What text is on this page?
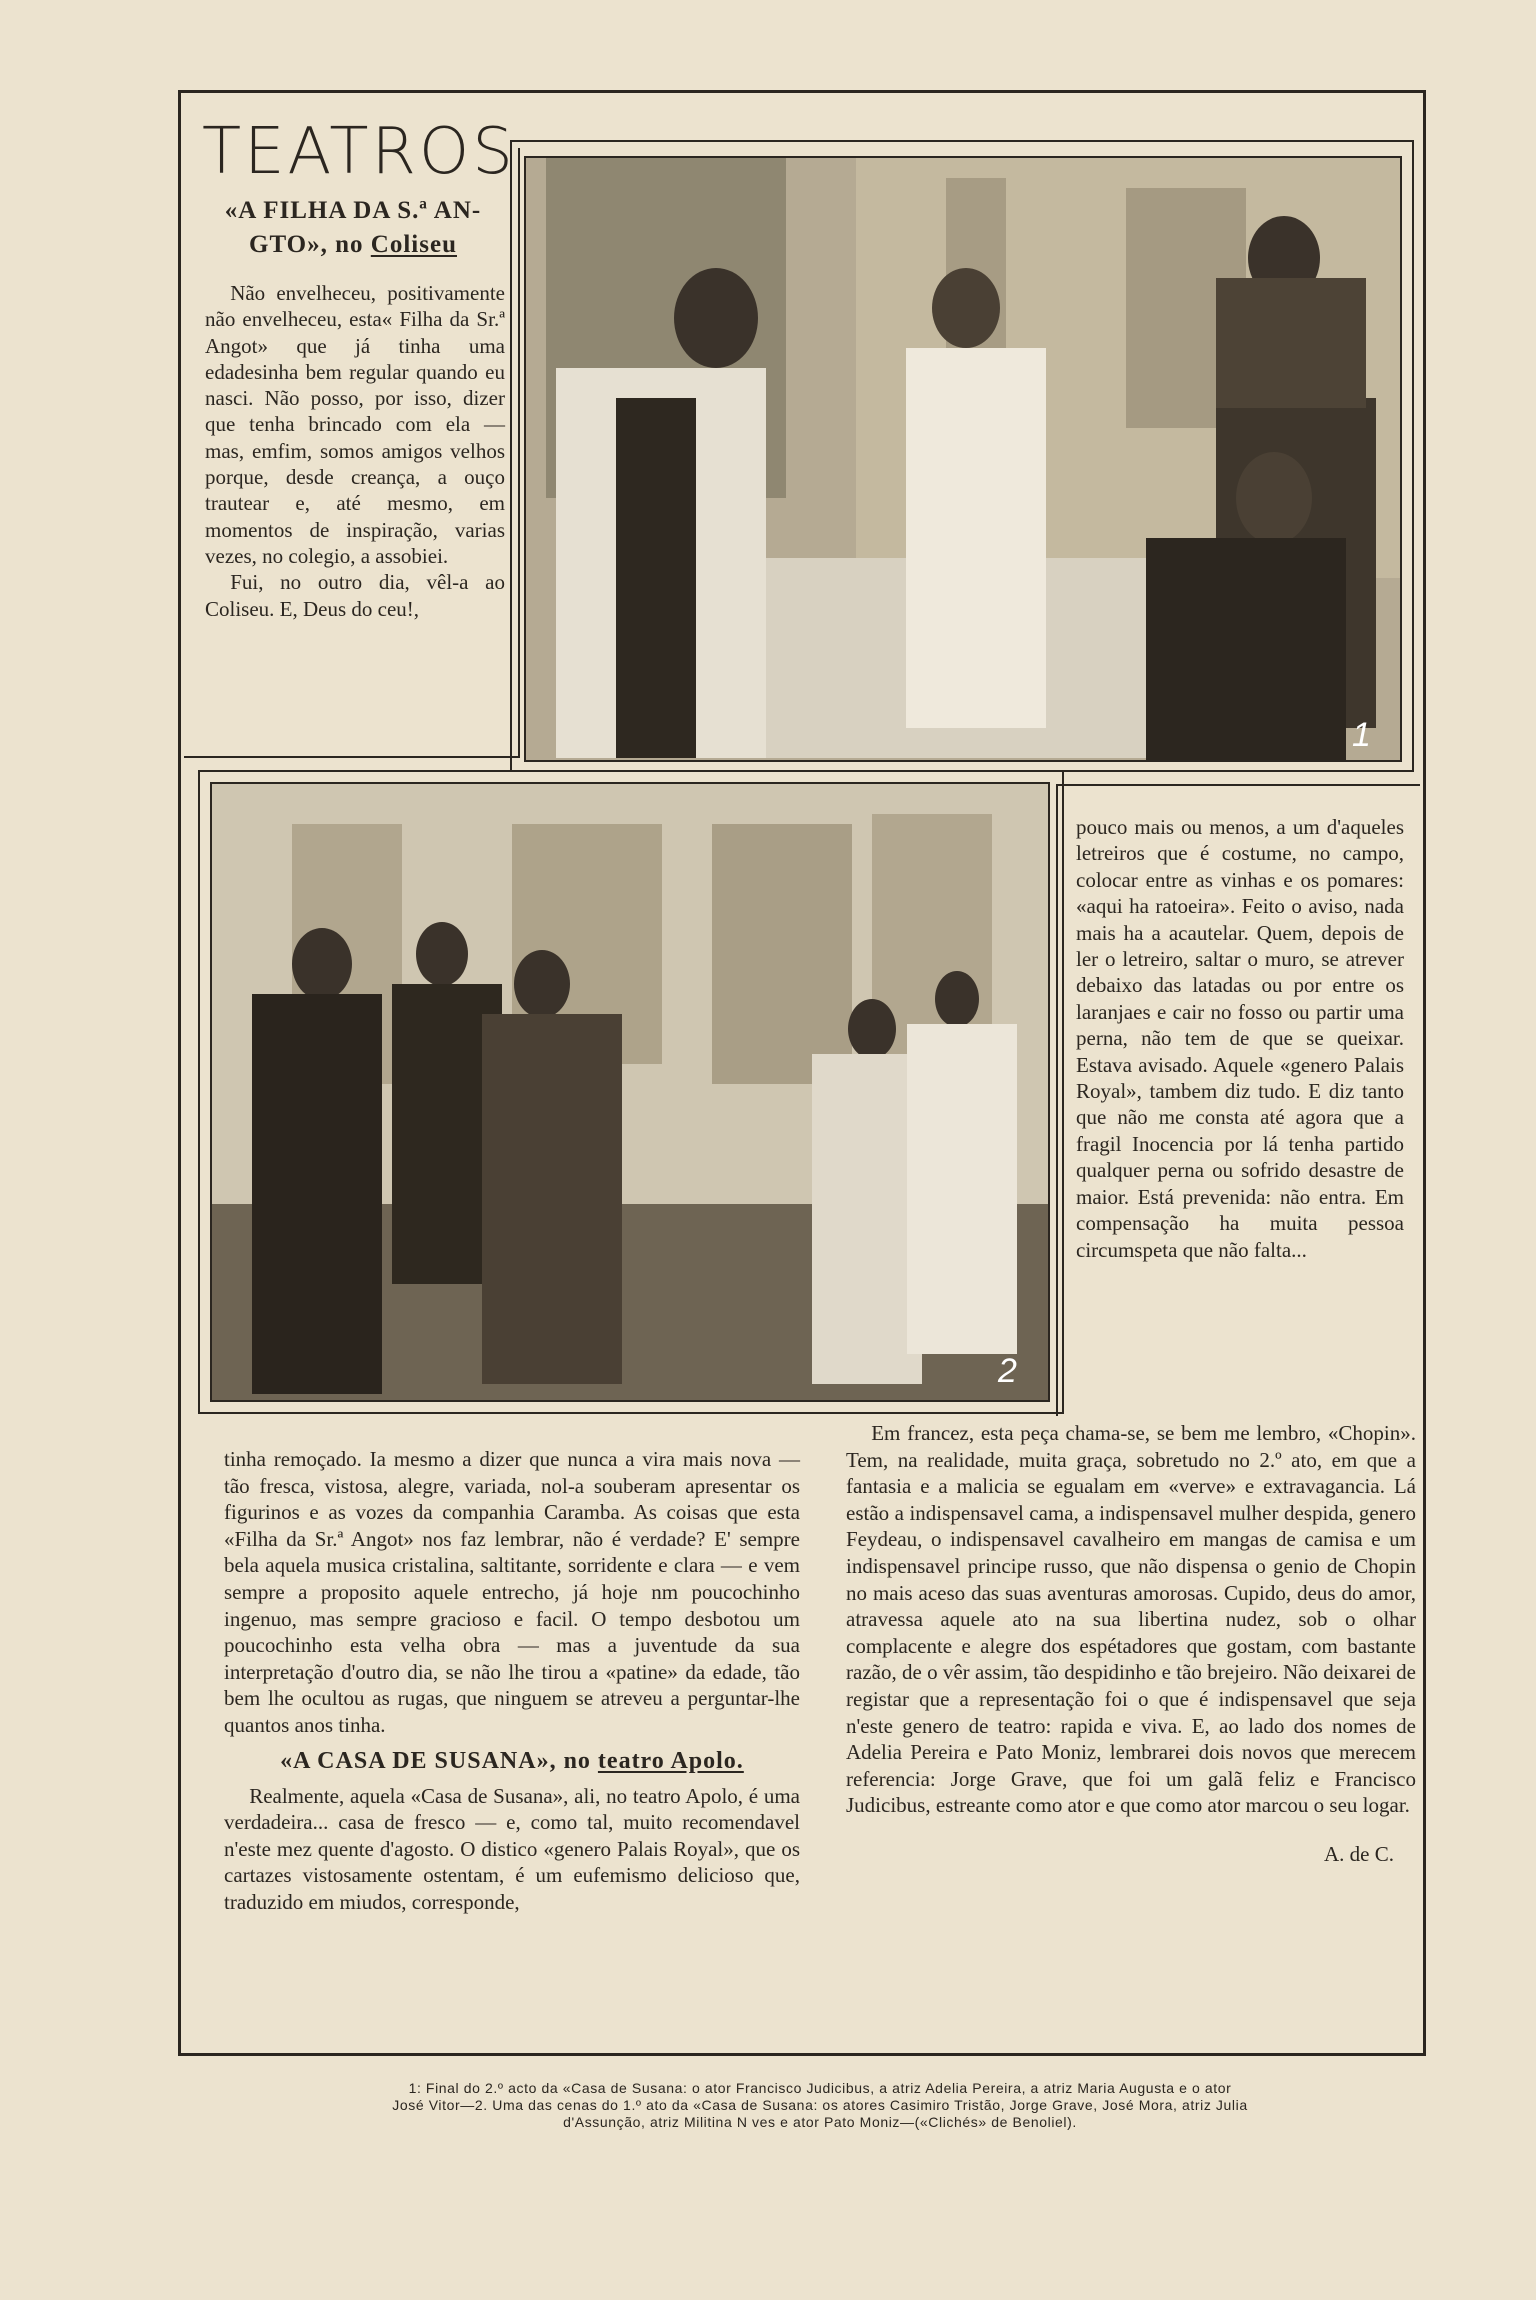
TEATROS
«A FILHA DA S.ª AN-
GTO», no Coliseu

Não envelheceu, positivamente não envelheceu, esta« Filha da Sr.ª Angot» que já tinha uma edadesinha bem regular quando eu nasci. Não posso, por isso, dizer que tenha brincado com ela — mas, emfim, somos amigos velhos porque, desde creança, a ouço trautear e, até mesmo, em momentos de inspiração, varias vezes, no colegio, a assobiei.

Fui, no outro dia, vêl-a ao Coliseu. E, Deus do ceu!,

1
2

pouco mais ou menos, a um d'aqueles letreiros que é costume, no campo, colocar entre as vinhas e os pomares: «aqui ha ratoeira». Feito o aviso, nada mais ha a acautelar. Quem, depois de ler o letreiro, saltar o muro, se atrever debaixo das latadas ou por entre os laranjaes e cair no fosso ou partir uma perna, não tem de que se queixar. Estava avisado. Aquele «genero Palais Royal», tambem diz tudo. E diz tanto que não me consta até agora que a fragil Inocencia por lá tenha partido qualquer perna ou sofrido desastre de maior. Está prevenida: não entra. Em compensação ha muita pessoa circumspeta que não falta...

tinha remoçado. Ia mesmo a dizer que nunca a vira mais nova — tão fresca, vistosa, alegre, variada, nol-a souberam apresentar os figurinos e as vozes da companhia Caramba. As coisas que esta «Filha da Sr.ª Angot» nos faz lembrar, não é verdade? E' sempre bela aquela musica cristalina, saltitante, sorridente e clara — e vem sempre a proposito aquele entrecho, já hoje nm poucochinho ingenuo, mas sempre gracioso e facil. O tempo desbotou um poucochinho esta velha obra — mas a juventude da sua interpretação d'outro dia, se não lhe tirou a «patine» da edade, tão bem lhe ocultou as rugas, que ninguem se atreveu a perguntar-lhe quantos anos tinha.

«A CASA DE SUSANA», no teatro Apolo.

Realmente, aquela «Casa de Susana», ali, no teatro Apolo, é uma verdadeira... casa de fresco — e, como tal, muito recomendavel n'este mez quente d'agosto. O distico «genero Palais Royal», que os cartazes vistosamente ostentam, é um eufemismo delicioso que, traduzido em miudos, corresponde,

Em francez, esta peça chama-se, se bem me lembro, «Chopin». Tem, na realidade, muita graça, sobretudo no 2.º ato, em que a fantasia e a malicia se egualam em «verve» e extravagancia. Lá estão a indispensavel cama, a indispensavel mulher despida, genero Feydeau, o indispensavel cavalheiro em mangas de camisa e um indispensavel principe russo, que não dispensa o genio de Chopin no mais aceso das suas aventuras amorosas. Cupido, deus do amor, atravessa aquele ato na sua libertina nudez, sob o olhar complacente e alegre dos espétadores que gostam, com bastante razão, de o vêr assim, tão despidinho e tão brejeiro. Não deixarei de registar que a representação foi o que é indispensavel que seja n'este genero de teatro: rapida e viva. E, ao lado dos nomes de Adelia Pereira e Pato Moniz, lembrarei dois novos que merecem referencia: Jorge Grave, que foi um galã feliz e Francisco Judicibus, estreante como ator e que como ator marcou o seu logar.

A. de C.
1: Final do 2.º acto da «Casa de Susana: o ator Francisco Judicibus, a atriz Adelia Pereira, a atriz Maria Augusta e o ator
José Vitor—2. Uma das cenas do 1.º ato da «Casa de Susana: os atores Casimiro Tristão, Jorge Grave, José Mora, atriz Julia
d'Assunção, atriz Militina N ves e ator Pato Moniz—(«Clichés» de Benoliel).
